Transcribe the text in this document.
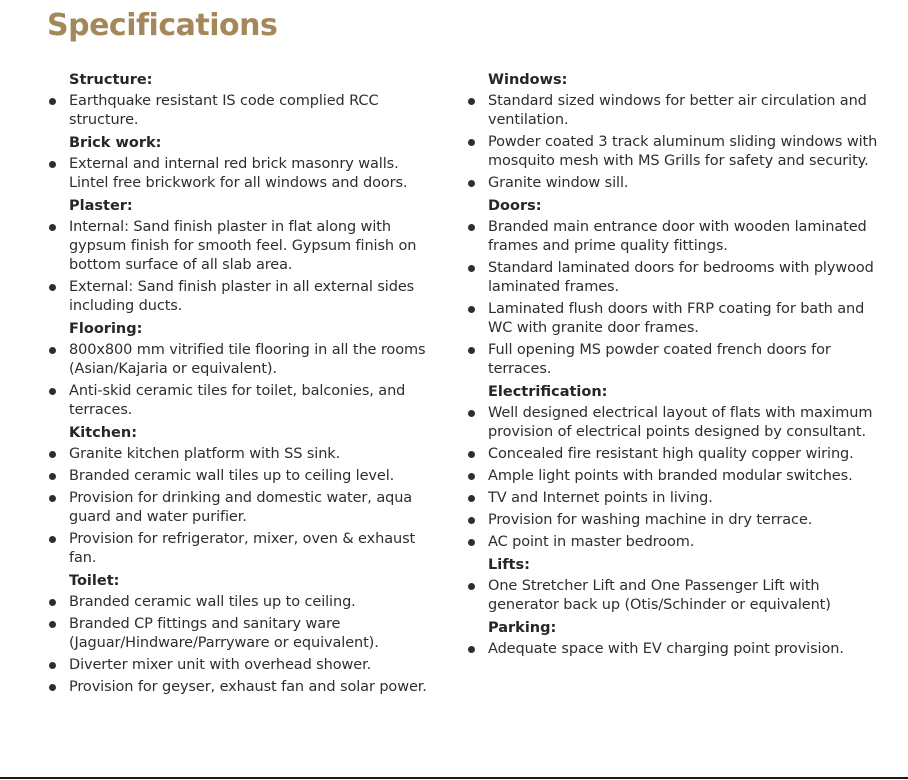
Specifications
Structure:
Earthquake resistant IS code complied RCC structure.
Brick work:
External and internal red brick masonry walls. Lintel free brickwork for all windows and doors.
Plaster:
Internal: Sand finish plaster in flat along with gypsum finish for smooth feel. Gypsum finish on bottom surface of all slab area.
External: Sand finish plaster in all external sides including ducts.
Flooring:
800x800 mm vitrified tile flooring in all the rooms (Asian/Kajaria or equivalent).
Anti-skid ceramic tiles for toilet, balconies, and terraces.
Kitchen:
Granite kitchen platform with SS sink.
Branded ceramic wall tiles up to ceiling level.
Provision for drinking and domestic water, aqua guard and water purifier.
Provision for refrigerator, mixer, oven & exhaust fan.
Toilet:
Branded ceramic wall tiles up to ceiling.
Branded CP fittings and sanitary ware (Jaguar/Hindware/Parryware or equivalent).
Diverter mixer unit with overhead shower.
Provision for geyser, exhaust fan and solar power.
Windows:
Standard sized windows for better air circulation and ventilation.
Powder coated 3 track aluminum sliding windows with mosquito mesh with MS Grills for safety and security.
Granite window sill.
Doors:
Branded main entrance door with wooden laminated frames and prime quality fittings.
Standard laminated doors for bedrooms with plywood laminated frames.
Laminated flush doors with FRP coating for bath and WC with granite door frames.
Full opening MS powder coated french doors for terraces.
Electrification:
Well designed electrical layout of flats with maximum provision of electrical points designed by consultant.
Concealed fire resistant high quality copper wiring.
Ample light points with branded modular switches.
TV and Internet points in living.
Provision for washing machine in dry terrace.
AC point in master bedroom.
Lifts:
One Stretcher Lift and One Passenger Lift with generator back up (Otis/Schinder or equivalent)
Parking:
Adequate space with EV charging point provision.
